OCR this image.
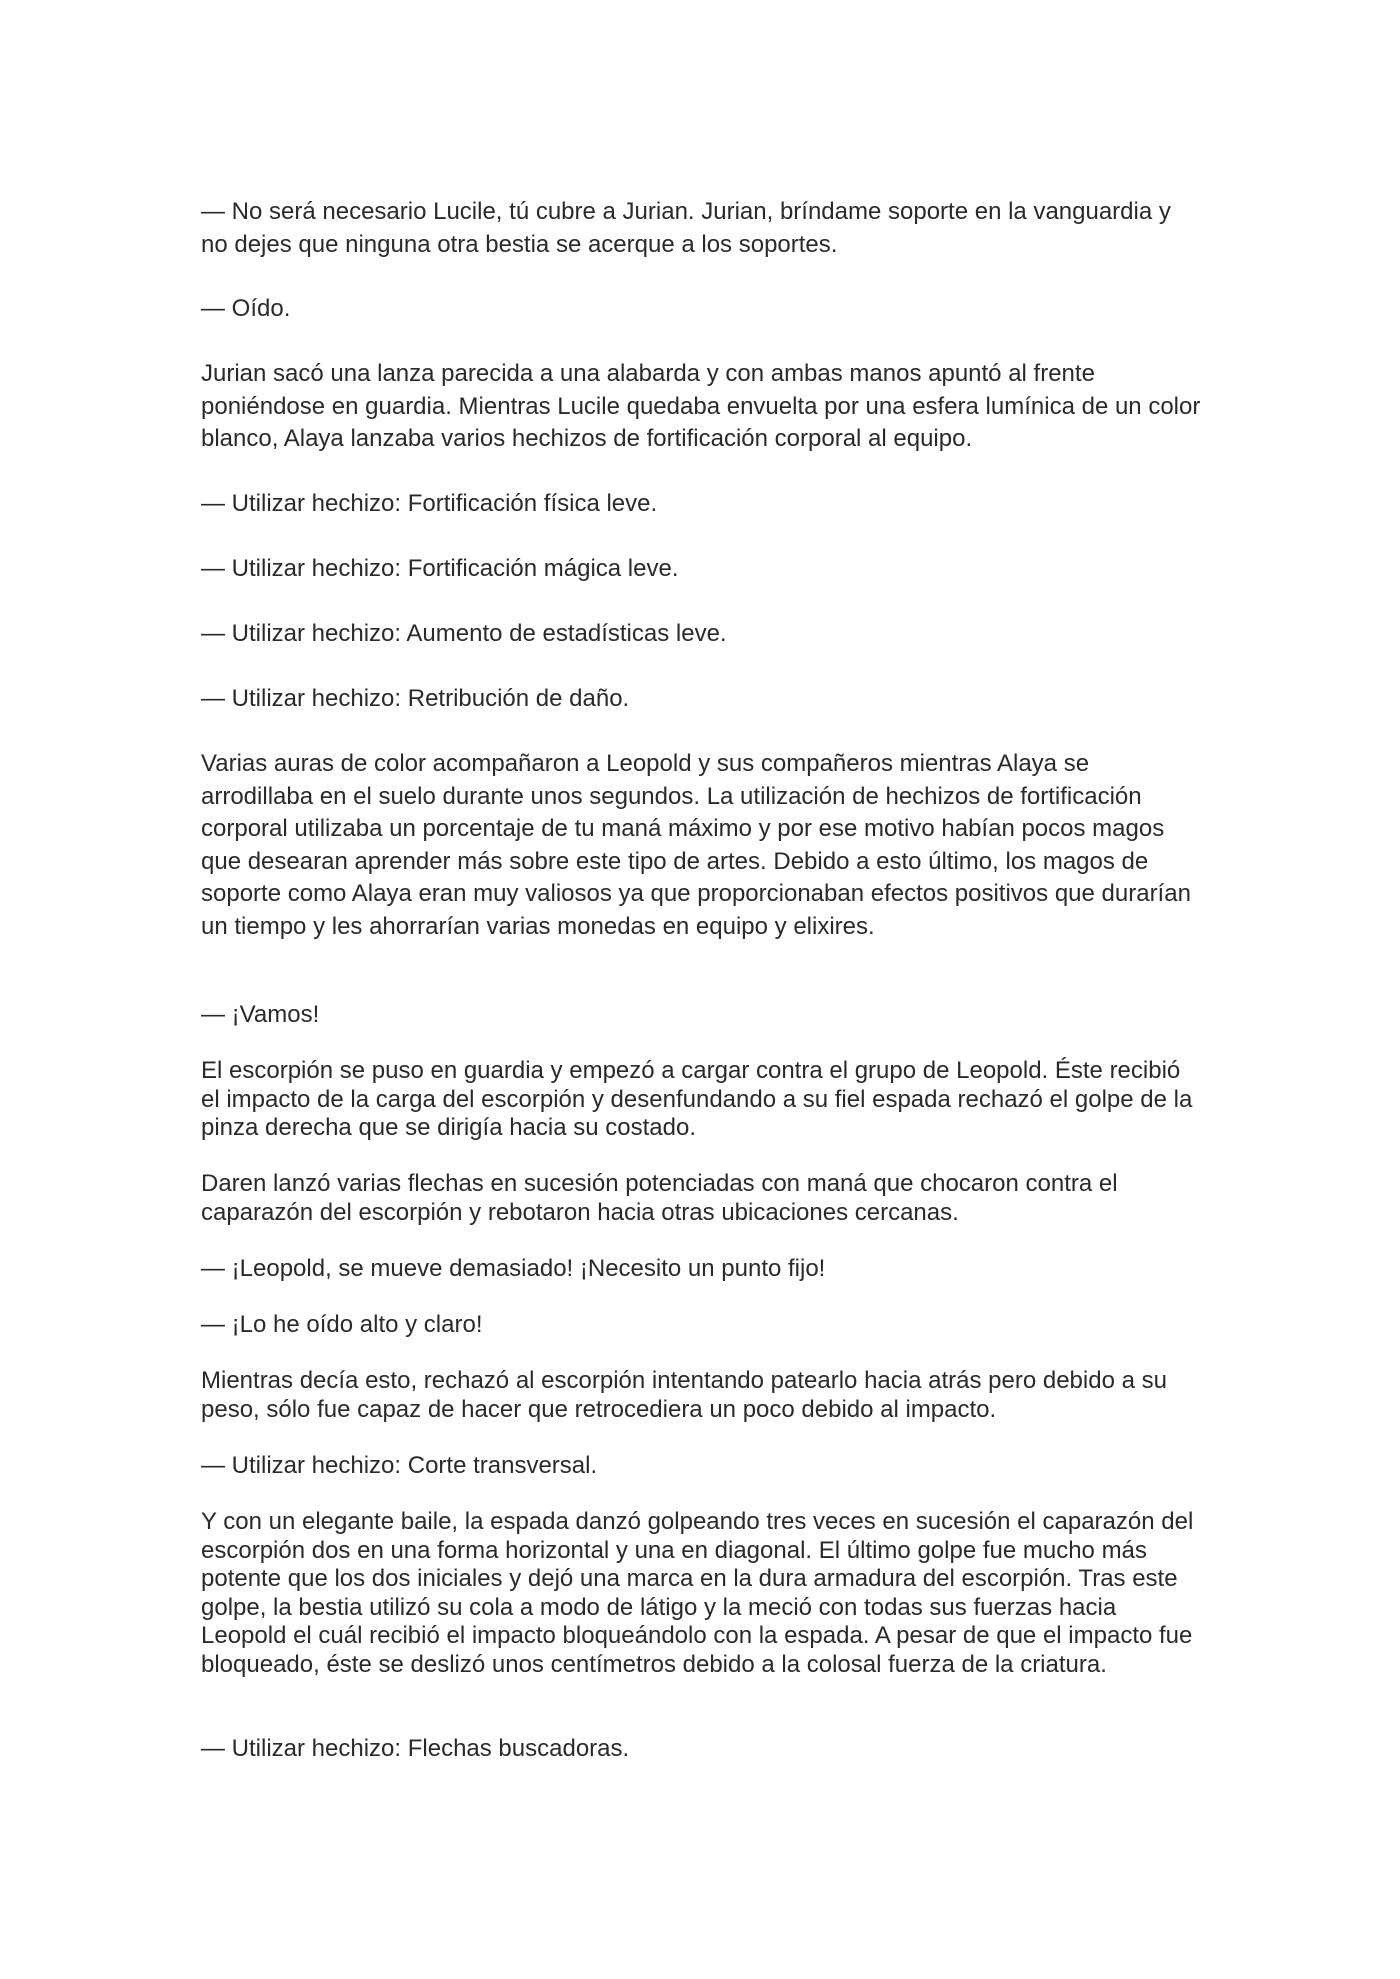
— No será necesario Lucile, tú cubre a Jurian. Jurian, bríndame soporte en la vanguardia y no dejes que ninguna otra bestia se acerque a los soportes.

— Oído.

Jurian sacó una lanza parecida a una alabarda y con ambas manos apuntó al frente poniéndose en guardia. Mientras Lucile quedaba envuelta por una esfera lumínica de un color blanco, Alaya lanzaba varios hechizos de fortificación corporal al equipo.

— Utilizar hechizo: Fortificación física leve.

— Utilizar hechizo: Fortificación mágica leve.

— Utilizar hechizo: Aumento de estadísticas leve.

— Utilizar hechizo: Retribución de daño.

Varias auras de color acompañaron a Leopold y sus compañeros mientras Alaya se arrodillaba en el suelo durante unos segundos. La utilización de hechizos de fortificación corporal utilizaba un porcentaje de tu maná máximo y por ese motivo habían pocos magos que desearan aprender más sobre este tipo de artes. Debido a esto último, los magos de soporte como Alaya eran muy valiosos ya que proporcionaban efectos positivos que durarían un tiempo y les ahorrarían varias monedas en equipo y elixires.

— ¡Vamos!

El escorpión se puso en guardia y empezó a cargar contra el grupo de Leopold. Éste recibió el impacto de la carga del escorpión y desenfundando a su fiel espada rechazó el golpe de la pinza derecha que se dirigía hacia su costado.

Daren lanzó varias flechas en sucesión potenciadas con maná que chocaron contra el caparazón del escorpión y rebotaron hacia otras ubicaciones cercanas.

— ¡Leopold, se mueve demasiado! ¡Necesito un punto fijo!

— ¡Lo he oído alto y claro!

Mientras decía esto, rechazó al escorpión intentando patearlo hacia atrás pero debido a su peso, sólo fue capaz de hacer que retrocediera un poco debido al impacto.

— Utilizar hechizo: Corte transversal.

Y con un elegante baile, la espada danzó golpeando tres veces en sucesión el caparazón del escorpión dos en una forma horizontal y una en diagonal. El último golpe fue mucho más potente que los dos iniciales y dejó una marca en la dura armadura del escorpión. Tras este golpe, la bestia utilizó su cola a modo de látigo y la meció con todas sus fuerzas hacia Leopold el cuál recibió el impacto bloqueándolo con la espada. A pesar de que el impacto fue bloqueado, éste se deslizó unos centímetros debido a la colosal fuerza de la criatura.

— Utilizar hechizo: Flechas buscadoras.
